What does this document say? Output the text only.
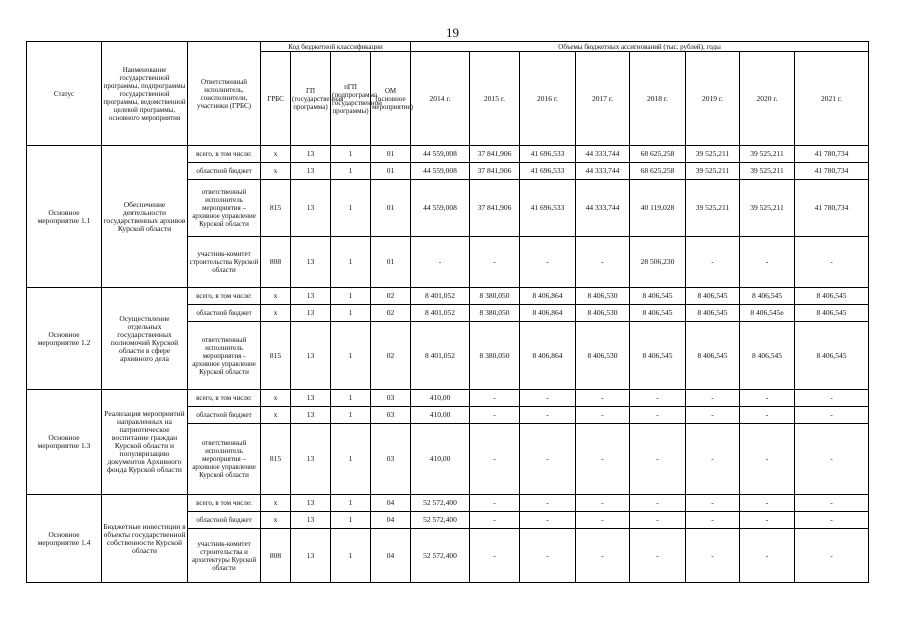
19
Статус	Наименование государственной программы, подпрограммы государственной программы, ведомственной целевой программы, основного мероприятия	Ответственный исполнитель, соисполнители, участники (ГРБС)	Код бюджетной классификации				Объемы бюджетных ассигнований (тыс. рублей), годы							
			ГРБС	ГП (государственная программа)	пГП (подпрограмма государственной программы)	ОМ (основное мероприятие)	2014 г.	2015 г.	2016 г.	2017 г.	2018 г.	2019 г.	2020 г.	2021 г.
Основное мероприятие 1.1	Обеспечение деятельности государственных архивов Курской области	всего, в том числе:	х	13	1	01	44 559,008	37 841,906	41 696,533	44 333,744	68 625,258	39 525,211	39 525,211	41 780,734
		областной бюджет	х	13	1	01	44 559,008	37 841,906	41 696,533	44 333,744	68 625,258	39 525,211	39 525,211	41 780,734
		ответственный исполнитель мероприятия – архивное управление Курской области	815	13	1	01	44 559,008	37 841,906	41 696,533	44 333,744	40 119,028	39 525,211	39 525,211	41 780,734
		участник-комитет строительства Курской области	808	13	1	01	-	-	-	-	28 506,230	-	-	-
Основное мероприятие 1.2	Осуществление отдельных государственных полномочий Курской области в сфере архивного дела	всего, в том числе:	х	13	1	02	8 401,052	8 380,050	8 406,864	8 406,530	8 406,545	8 406,545	8 406,545	8 406,545
		областной бюджет	х	13	1	02	8 401,052	8 380,050	8 406,864	8 406,530	8 406,545	8 406,545	8 406,545е	8 406,545
		ответственный исполнитель мероприятия - архивное управление Курской области	815	13	1	02	8 401,052	8 380,050	8 406,864	8 406,530	8 406,545	8 406,545	8 406,545	8 406,545
Основное мероприятие 1.3	Реализация мероприятий направленных на патриотическое воспитание граждан Курской области и популяризацию документов Архивного фонда Курской области	всего, в том числе:	х	13	1	03	410,00	-	-	-	-	-	-	-
		областной бюджет	х	13	1	03	410,00	-	-	-	-	-	-	-
		ответственный исполнитель мероприятия – архивное управление Курской области	815	13	1	03	410,00	-	-	-	-	-	-	-
Основное мероприятие 1.4	Бюджетные инвестиции в объекты государственной собственности Курской области	всего, в том числе:	х	13	1	04	52 572,400	-	-	-	-	-	-	-
		областной бюджет	х	13	1	04	52 572,400	-	-	-	-	-	-	-
		участник-комитет строительства и архитектуры Курской области	808	13	1	04	52 572,400	-	-	-	-	-	-	-
